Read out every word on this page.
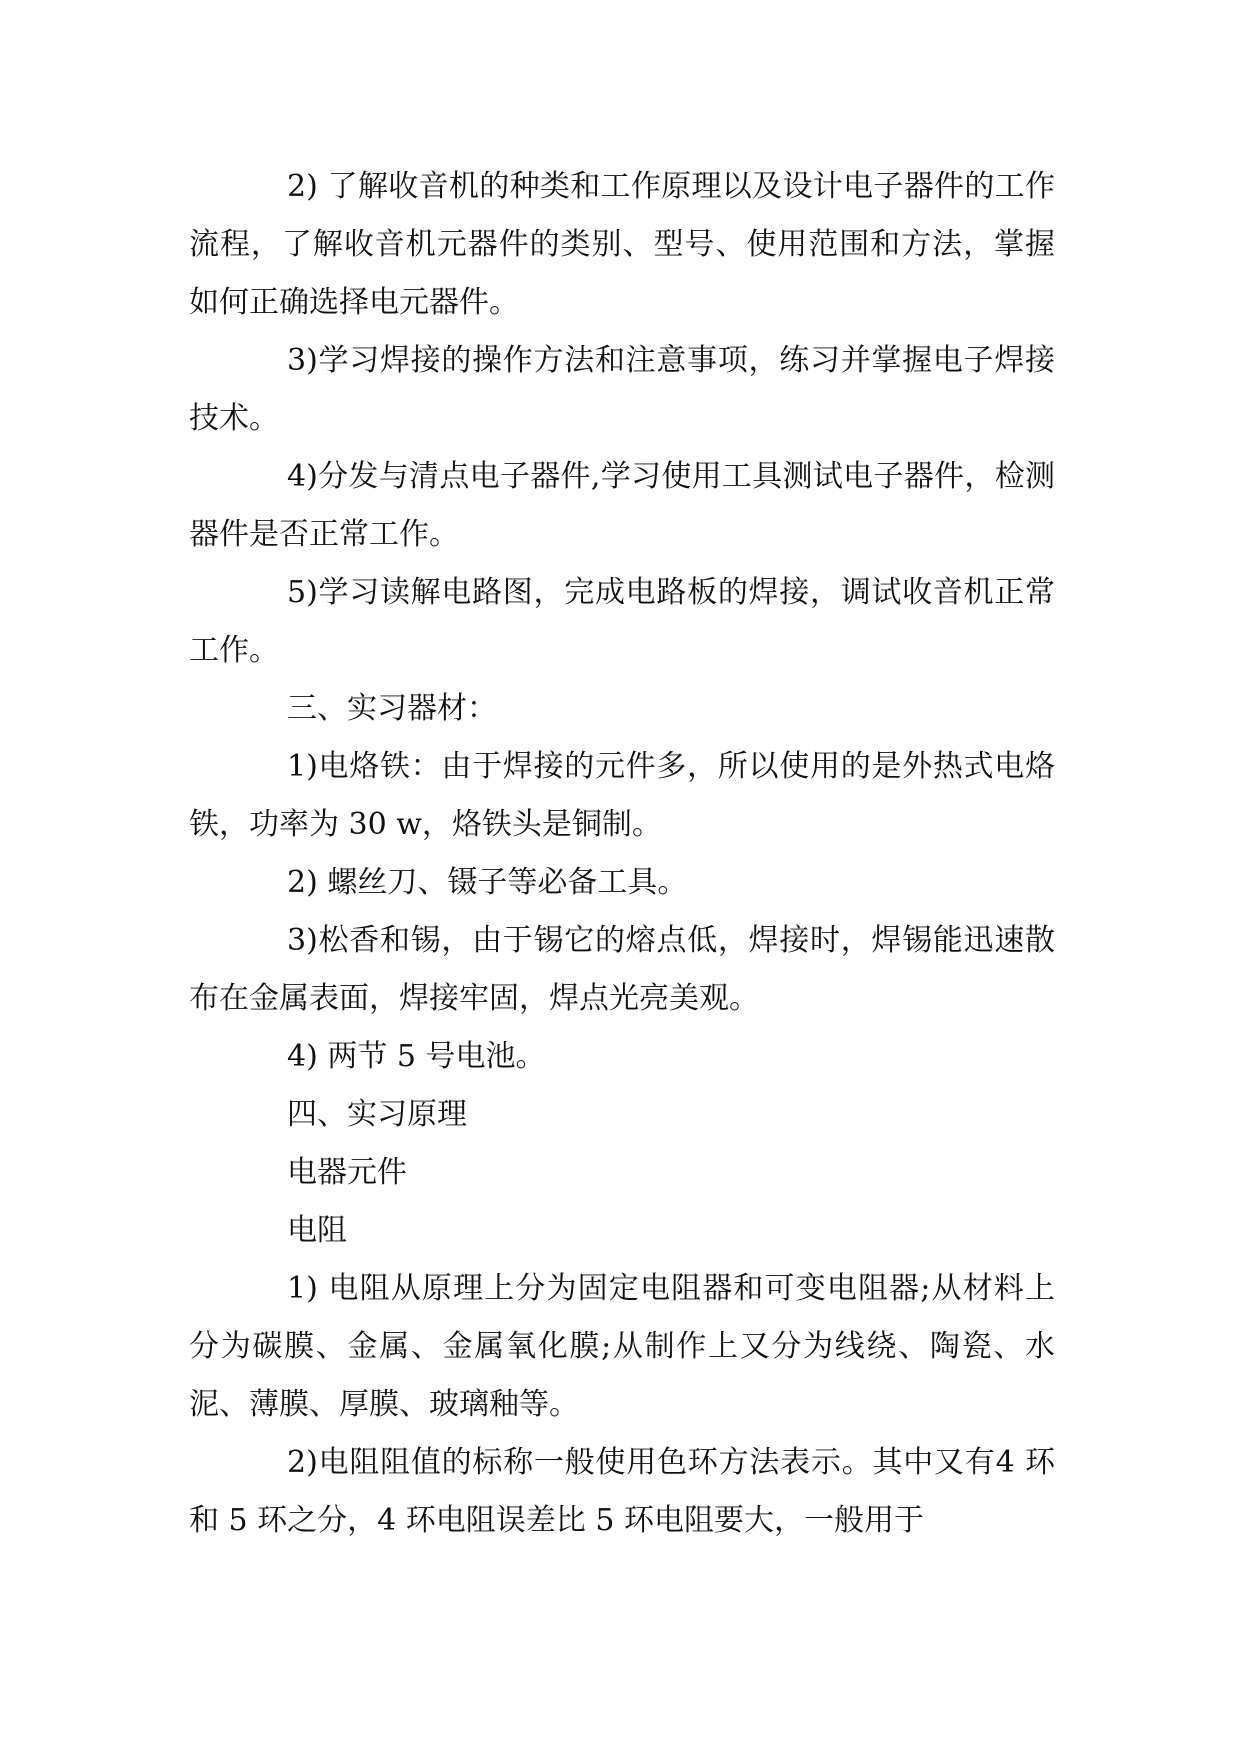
2) 了解收音机的种类和工作原理以及设计电子器件的工作流程，了解收音机元器件的类别、型号、使用范围和方法，掌握如何正确选择电元器件。

3)学习焊接的操作方法和注意事项，练习并掌握电子焊接技术。

4)分发与清点电子器件,学习使用工具测试电子器件，检测器件是否正常工作。

5)学习读解电路图，完成电路板的焊接，调试收音机正常工作。

三、实习器材：

1)电烙铁：由于焊接的元件多，所以使用的是外热式电烙铁，功率为 30 w，烙铁头是铜制。

2) 螺丝刀、镊子等必备工具。

3)松香和锡，由于锡它的熔点低，焊接时，焊锡能迅速散布在金属表面，焊接牢固，焊点光亮美观。

4) 两节 5 号电池。

四、实习原理

电器元件

电阻

1) 电阻从原理上分为固定电阻器和可变电阻器;从材料上分为碳膜、金属、金属氧化膜;从制作上又分为线绕、陶瓷、水泥、薄膜、厚膜、玻璃釉等。

2)电阻阻值的标称一般使用色环方法表示。其中又有4 环和 5 环之分，4 环电阻误差比 5 环电阻要大，一般用于
